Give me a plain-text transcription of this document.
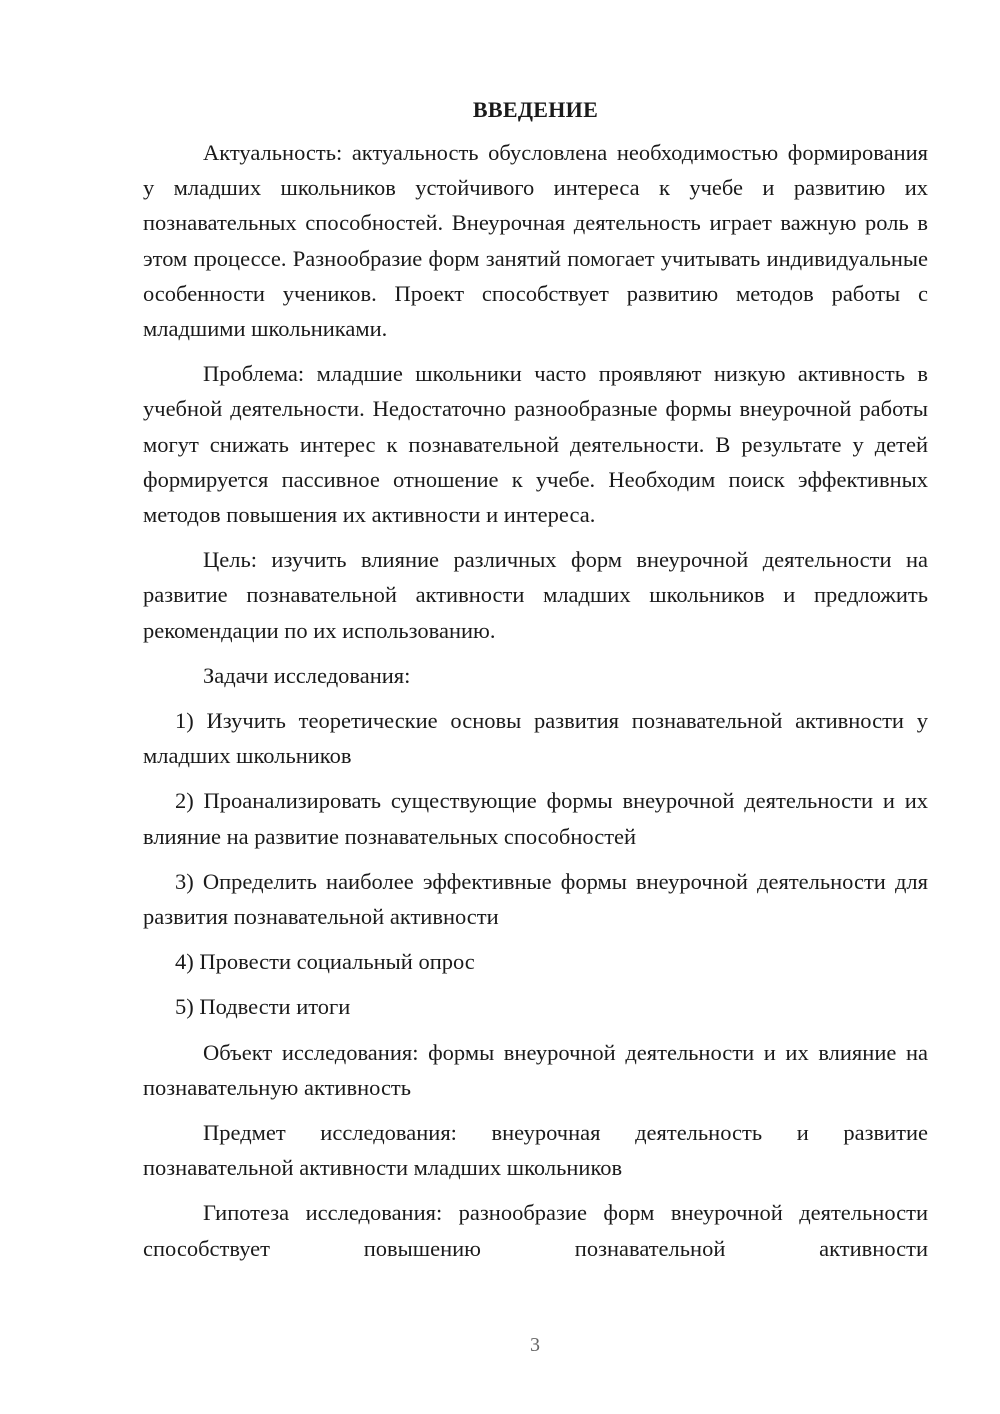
ВВЕДЕНИЕ

Актуальность: актуальность обусловлена необходимостью формирования у младших школьников устойчивого интереса к учебе и развитию их познавательных способностей. Внеурочная деятельность играет важную роль в этом процессе. Разнообразие форм занятий помогает учитывать индивидуальные особенности учеников. Проект способствует развитию методов работы с младшими школьниками.

Проблема: младшие школьники часто проявляют низкую активность в учебной деятельности. Недостаточно разнообразные формы внеурочной работы могут снижать интерес к познавательной деятельности. В результате у детей формируется пассивное отношение к учебе. Необходим поиск эффективных методов повышения их активности и интереса.

Цель: изучить влияние различных форм внеурочной деятельности на развитие познавательной активности младших школьников и предложить рекомендации по их использованию.

Задачи исследования:

1) Изучить теоретические основы развития познавательной активности у младших школьников

2) Проанализировать существующие формы внеурочной деятельности и их влияние на развитие познавательных способностей

3) Определить наиболее эффективные формы внеурочной деятельности для развития познавательной активности

4) Провести социальный опрос

5) Подвести итоги

Объект исследования: формы внеурочной деятельности и их влияние на познавательную активность

Предмет исследования: внеурочная деятельность и развитие познавательной активности младших школьников

Гипотеза исследования: разнообразие форм внеурочной деятельности способствует повышению познавательной активности

3
